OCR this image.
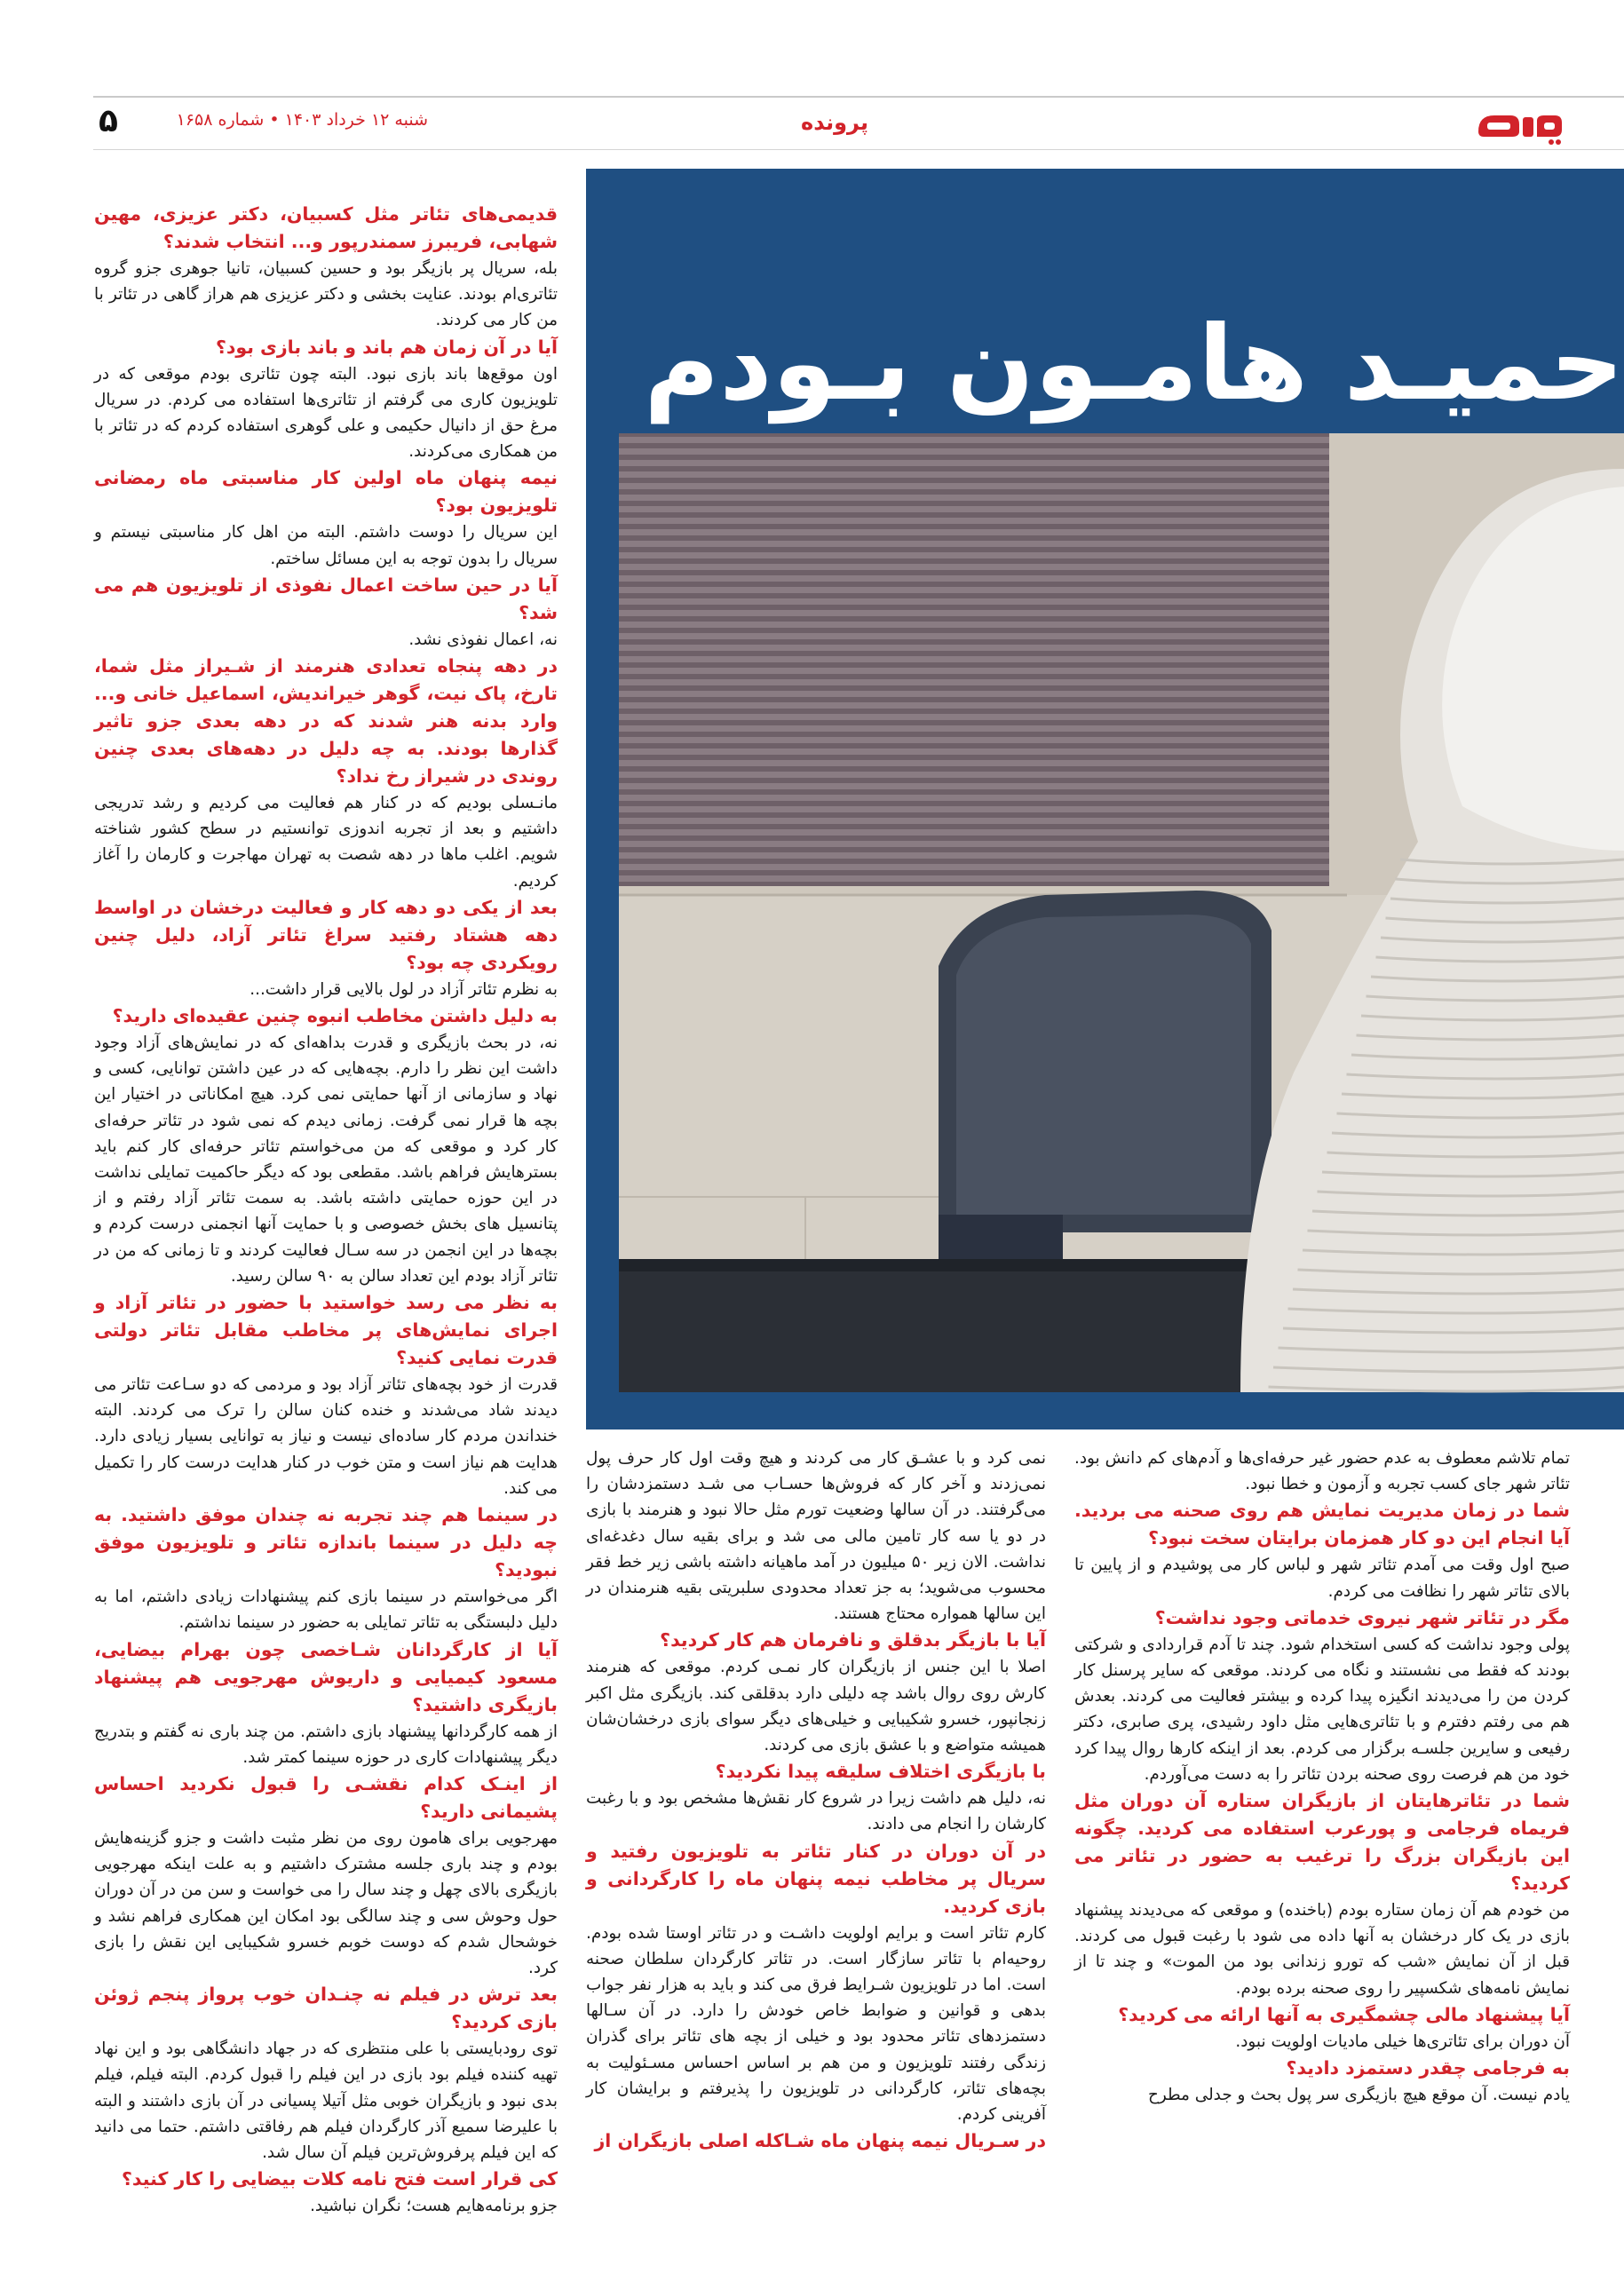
پرونده
شنبه ۱۲ خرداد ۱۴۰۳ • شماره ۱۶۵۸
۵
حمیـد هامـون بـودم

قدیمی‌های تئاتر مثل کسبیان، دکتر عزیزی، مهین شهابی، فریبرز سمندرپور و... انتخاب شدند؟

بله، سریال پر بازیگر بود و حسین کسبیان، تانیا جوهری جزو گروه تئاتری‌ام بودند. عنایت بخشی و دکتر عزیزی هم هراز گاهی در تئاتر با من کار می کردند.

آیا در آن زمان هم باند و باند بازی بود؟

اون موقع‌ها باند بازی نبود. البته چون تئاتری بودم موقعی که در تلویزیون کاری می گرفتم از تئاتری‌ها استفاده می کردم. در سریال مرغ حق از دانیال حکیمی و علی گوهری استفاده کردم که در تئاتر با من همکاری می‌کردند.

نیمه پنهان ماه اولین کار مناسبتی ماه رمضانی تلویزیون بود؟

این سریال را دوست داشتم. البته من اهل کار مناسبتی نیستم و سریال را بدون توجه به این مسائل ساختم.

آیا در حین ساخت اعمال نفوذی از تلویزیون هم می شد؟

نه، اعمال نفوذی نشد.

در دهه پنجاه تعدادی هنرمند از شـیراز مثل شما، تارخ، پاک نیت، گوهر خیراندیش، اسماعیل خانی و... وارد بدنه هنر شدند که در دهه بعدی جزو تاثیر گذارها بودند. به چه دلیل در دهه‌های بعدی چنین روندی در شیراز رخ نداد؟

مانـسلی بودیم که در کنار هم فعالیت می کردیم و رشد تدریجی داشتیم و بعد از تجربه اندوزی توانستیم در سطح کشور شناخته شویم. اغلب ماها در دهه شصت به تهران مهاجرت و کارمان را آغاز کردیم.

بعد از یکی دو دهه کار و فعالیت درخشان در اواسط دهه هشتاد رفتید سراغ تئاتر آزاد، دلیل چنین رویکردی چه بود؟

به نظرم تئاتر آزاد در لول بالایی قرار داشت...

به دلیل داشتن مخاطب انبوه چنین عقیده‌ای دارید؟

نه، در بحث بازیگری و قدرت بداهه‌ای که در نمایش‌های آزاد وجود داشت این نظر را دارم. بچه‌هایی که در عین داشتن توانایی، کسی و نهاد و سازمانی از آنها حمایتی نمی کرد. هیچ امکاناتی در اختیار این بچه ها قرار نمی گرفت. زمانی دیدم که نمی شود در تئاتر حرفه‌ای کار کرد و موقعی که من می‌خواستم تئاتر حرفه‌ای کار کنم باید بسترهایش فراهم باشد. مقطعی بود که دیگر حاکمیت تمایلی نداشت در این حوزه حمایتی داشته باشد. به سمت تئاتر آزاد رفتم و از پتانسیل های بخش خصوصی و با حمایت آنها انجمنی درست کردم و بچه‌ها در این انجمن در سه سـال فعالیت کردند و تا زمانی که من در تئاتر آزاد بودم این تعداد سالن به ۹۰ سالن رسید.

به نظر می رسد خواستید با حضور در تئاتر آزاد و اجرای نمایش‌های پر مخاطب مقابل تئاتر دولتی قدرت نمایی کنید؟

قدرت از خود بچه‌های تئاتر آزاد بود و مردمی که دو سـاعت تئاتر می دیدند شاد می‌شدند و خنده کنان سالن را ترک می کردند. البته خنداندن مردم کار ساده‌ای نیست و نیاز به توانایی بسیار زیادی دارد. هدایت هم نیاز است و متن خوب در کنار هدایت درست کار را تکمیل می کند.

در سینما هم چند تجربه نه چندان موفق داشتید. به چه دلیل در سینما باندازه تئاتر و تلویزیون موفق نبودید؟

اگر می‌خواستم در سینما بازی کنم پیشنهادات زیادی داشتم، اما به دلیل دلبستگی به تئاتر تمایلی به حضور در سینما نداشتم.

آیا از کارگردانان شـاخصی چون بهرام بیضایی، مسعود کیمیایی و داریوش مهرجویی هم پیشنهاد بازیگری داشتید؟

از همه کارگردانها پیشنهاد بازی داشتم. من چند باری نه گفتم و بتدریج دیگر پیشنهادات کاری در حوزه سینما کمتر شد.

از اینـک کدام نقشـی را قبول نکردید احساس پشیمانی دارید؟

مهرجویی برای هامون روی من نظر مثبت داشت و جزو گزینه‌هایش بودم و چند باری جلسه مشترک داشتیم و به علت اینکه مهرجویی بازیگری بالای چهل و چند سال را می خواست و سن من در آن دوران حول وحوش سی و چند سالگی بود امکان این همکاری فراهم نشد و خوشحال شدم که دوست خوبم خسرو شکیبایی این نقش را بازی کرد.

بعد ترش در فیلم نه چنـدان خوب پرواز پنجم ژوئن بازی کردید؟

توی رودبایستی با علی منتظری که در جهاد دانشگاهی بود و این نهاد تهیه کننده فیلم بود بازی در این فیلم را قبول کردم. البته فیلم، فیلم بدی نبود و بازیگران خوبی مثل آتیلا پسیانی در آن بازی داشتند و البته با علیرضا سمیع آذر کارگردان فیلم هم رفاقتی داشتم. حتما می دانید که این فیلم پرفروش‌ترین فیلم آن سال شد.

کی قرار است فتح نامه کلات بیضایی را کار کنید؟

جزو برنامه‌هایم هست؛ نگران نباشید.

تمام تلاشم معطوف به عدم حضور غیر حرفه‌ای‌ها و آدم‌های کم دانش بود. تئاتر شهر جای کسب تجربه و آزمون و خطا نبود.

شما در زمان مدیریت نمایش هم روی صحنه می بردید. آیا انجام این دو کار همزمان برایتان سخت نبود؟

صبح اول وقت می آمدم تئاتر شهر و لباس کار می پوشیدم و از پایین تا بالای تئاتر شهر را نظافت می کردم.

مگر در تئاتر شهر نیروی خدماتی وجود نداشت؟

پولی وجود نداشت که کسی استخدام شود. چند تا آدم قراردادی و شرکتی بودند که فقط می نشستند و نگاه می کردند. موقعی که سایر پرسنل کار کردن من را می‌دیدند انگیزه پیدا کرده و بیشتر فعالیت می کردند. بعدش هم می رفتم دفترم و با تئاتری‌هایی مثل داود رشیدی، پری صابری، دکتر رفیعی و سایرین جلسـه برگزار می کردم. بعد از اینکه کارها روال پیدا کرد خود من هم فرصت روی صحنه بردن تئاتر را به دست می‌آوردم.

شما در تئاترهایتان از بازیگران ستاره آن دوران مثل فریماه فرجامی و پورعرب استفاده می کردید. چگونه این بازیگران بزرگ را ترغیب به حضور در تئاتر می کردید؟

من خودم هم آن زمان ستاره بودم (باخنده) و موقعی که می‌دیدند پیشنهاد بازی در یک کار درخشان به آنها داده می شود با رغبت قبول می کردند. قبل از آن نمایش «شب که تورو زندانی بود من الموت» و چند تا از نمایش نامه‌های شکسپیر را روی صحنه برده بودم.

آیا پیشنهاد مالی چشمگیری به آنها ارائه می کردید؟

آن دوران برای تئاتری‌ها خیلی مادیات اولویت نبود.

به فرجامی چقدر دستمزد دادید؟

یادم نیست. آن موقع هیچ بازیگری سر پول بحث و جدلی مطرح

نمی کرد و با عشـق کار می کردند و هیچ وقت اول کار حرف پول نمی‌زدند و آخر کار که فروش‌ها حسـاب می شـد دستمزدشان را می‌گرفتند. در آن سالها وضعیت تورم مثل حالا نبود و هنرمند با بازی در دو یا سه کار تامین مالی می شد و برای بقیه سال دغدغه‌ای نداشت. الان زیر ۵۰ میلیون در آمد ماهیانه داشته باشی زیر خط فقر محسوب می‌شوید؛ به جز تعداد محدودی سلبریتی بقیه هنرمندان در این سالها همواره محتاج هستند.

آیا با بازیگر بدقلق و نافرمان هم کار کردید؟

اصلا با این جنس از بازیگران کار نمـی کردم. موقعی که هنرمند کارش روی روال باشد چه دلیلی دارد بدقلقی کند. بازیگری مثل اکبر زنجانپور، خسرو شکیبایی و خیلی‌های دیگر سوای بازی درخشان‌شان همیشه متواضع و با عشق بازی می کردند.

با بازیگری اختلاف سلیقه پیدا نکردید؟

نه، دلیل هم داشت زیرا در شروع کار نقش‌ها مشخص بود و با رغبت کارشان را انجام می دادند.

در آن دوران در کنار تئاتر به تلویزیون رفتید و سریال پر مخاطب نیمه پنهان ماه را کارگردانی و بازی کردید.

کارم تئاتر است و برایم اولویت داشـت و در تئاتر اوستا شده بودم. روحیه‌ام با تئاتر سازگار است. در تئاتر کارگردان سلطان صحنه است. اما در تلویزیون شـرایط فرق می کند و باید به هزار نفر جواب بدهی و قوانین و ضوابط خاص خودش را دارد. در آن سـالها دستمزدهای تئاتر محدود بود و خیلی از بچه های تئاتر برای گذران زندگی رفتند تلویزیون و من هم بر اساس احساس مسـئولیت به بچه‌های تئاتر، کارگردانی در تلویزیون را پذیرفتم و برایشان کار آفرینی کردم.

در سـریال نیمه پنهان ماه شـاکله اصلی بازیگران از
